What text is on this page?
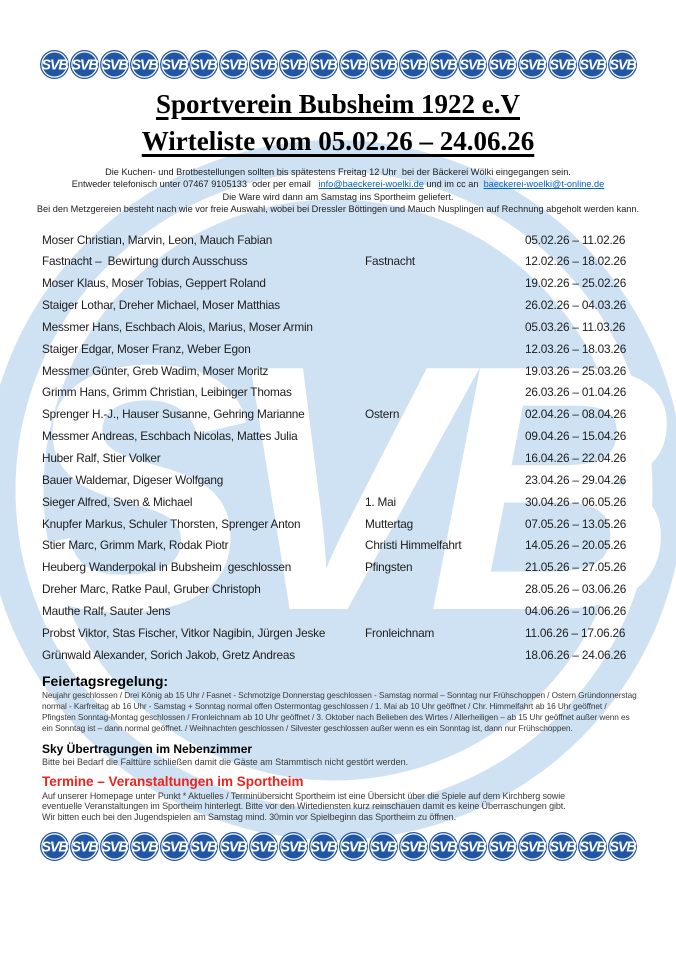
Sportverein Bubsheim 1922 e.V
Wirteliste vom 05.02.26 – 24.06.26
Die Kuchen- und Brotbestellungen sollten bis spätestens Freitag 12 Uhr  bei der Bäckerei Wölki eingegangen sein.
Entweder telefonisch unter 07467 9105133  oder per email   info@baeckerei-woelki.de und im cc an  baeckerei-woelki@t-online.de
Die Ware wird dann am Samstag ins Sportheim geliefert.
Bei den Metzgereien besteht nach wie vor freie Auswahl, wobei bei Dressler Böttingen und Mauch Nusplingen auf Rechnung abgeholt werden kann.
Moser Christian, Marvin, Leon, Mauch Fabian	05.02.26 – 11.02.26
Fastnacht –  Bewirtung durch Ausschuss	Fastnacht	12.02.26 – 18.02.26
Moser Klaus, Moser Tobias, Geppert Roland	19.02.26 – 25.02.26
Staiger Lothar, Dreher Michael, Moser Matthias	26.02.26 – 04.03.26
Messmer Hans, Eschbach Alois, Marius, Moser Armin	05.03.26 – 11.03.26
Staiger Edgar, Moser Franz, Weber Egon	12.03.26 – 18.03.26
Messmer Günter, Greb Wadim, Moser Moritz	19.03.26 – 25.03.26
Grimm Hans, Grimm Christian, Leibinger Thomas	26.03.26 – 01.04.26
Sprenger H.-J., Hauser Susanne, Gehring Marianne	Ostern	02.04.26 – 08.04.26
Messmer Andreas, Eschbach Nicolas, Mattes Julia	09.04.26 – 15.04.26
Huber Ralf, Stier Volker	16.04.26 – 22.04.26
Bauer Waldemar, Digeser Wolfgang	23.04.26 – 29.04.26
Sieger Alfred, Sven & Michael	1. Mai	30.04.26 – 06.05.26
Knupfer Markus, Schuler Thorsten, Sprenger Anton	Muttertag	07.05.26 – 13.05.26
Stier Marc, Grimm Mark, Rodak Piotr	Christi Himmelfahrt	14.05.26 – 20.05.26
Heuberg Wanderpokal in Bubsheim  geschlossen	Pfingsten	21.05.26 – 27.05.26
Dreher Marc, Ratke Paul, Gruber Christoph	28.05.26 – 03.06.26
Mauthe Ralf, Sauter Jens	04.06.26 – 10.06.26
Probst Viktor, Stas Fischer, Vitkor Nagibin, Jürgen Jeske	Fronleichnam	11.06.26 – 17.06.26
Grünwald Alexander, Sorich Jakob, Gretz Andreas	18.06.26 – 24.06.26
Feiertagsregelung:
Neujahr geschlossen / Drei König ab 15 Uhr / Fasnet - Schmotzige Donnerstag geschlossen - Samstag normal – Sonntag nur Frühschoppen / Ostern Gründonnerstag normal - Karfreitag ab 16 Uhr - Samstag + Sonntag normal offen Ostermontag geschlossen / 1. Mai ab 10 Uhr geöffnet / Chr. Himmelfahrt ab 16 Uhr geöffnet / Pfingsten Sonntag-Montag geschlossen / Fronleichnam ab 10 Uhr geöffnet / 3. Oktober nach Belieben des Wirtes / Allerheiligen – ab 15 Uhr geöffnet außer wenn es ein Sonntag ist – dann normal geöffnet. / Weihnachten geschlossen / Silvester geschlossen außer wenn es ein Sonntag ist, dann nur Frühschoppen.
Sky Übertragungen im Nebenzimmer
Bitte bei Bedarf die Falttüre schließen damit die Gäste am Stammtisch nicht gestört werden.
Termine – Veranstaltungen im Sportheim
Auf unserer Homepage unter Punkt * Aktuelles / Terminübersicht Sportheim ist eine Übersicht über die Spiele auf dem Kirchberg sowie
eventuelle Veranstaltungen im Sportheim hinterlegt. Bitte vor den Wirtediensten kurz reinschauen damit es keine Überraschungen gibt.
Wir bitten euch bei den Jugendspielen am Samstag mind. 30min vor Spielbeginn das Sportheim zu öffnen.
